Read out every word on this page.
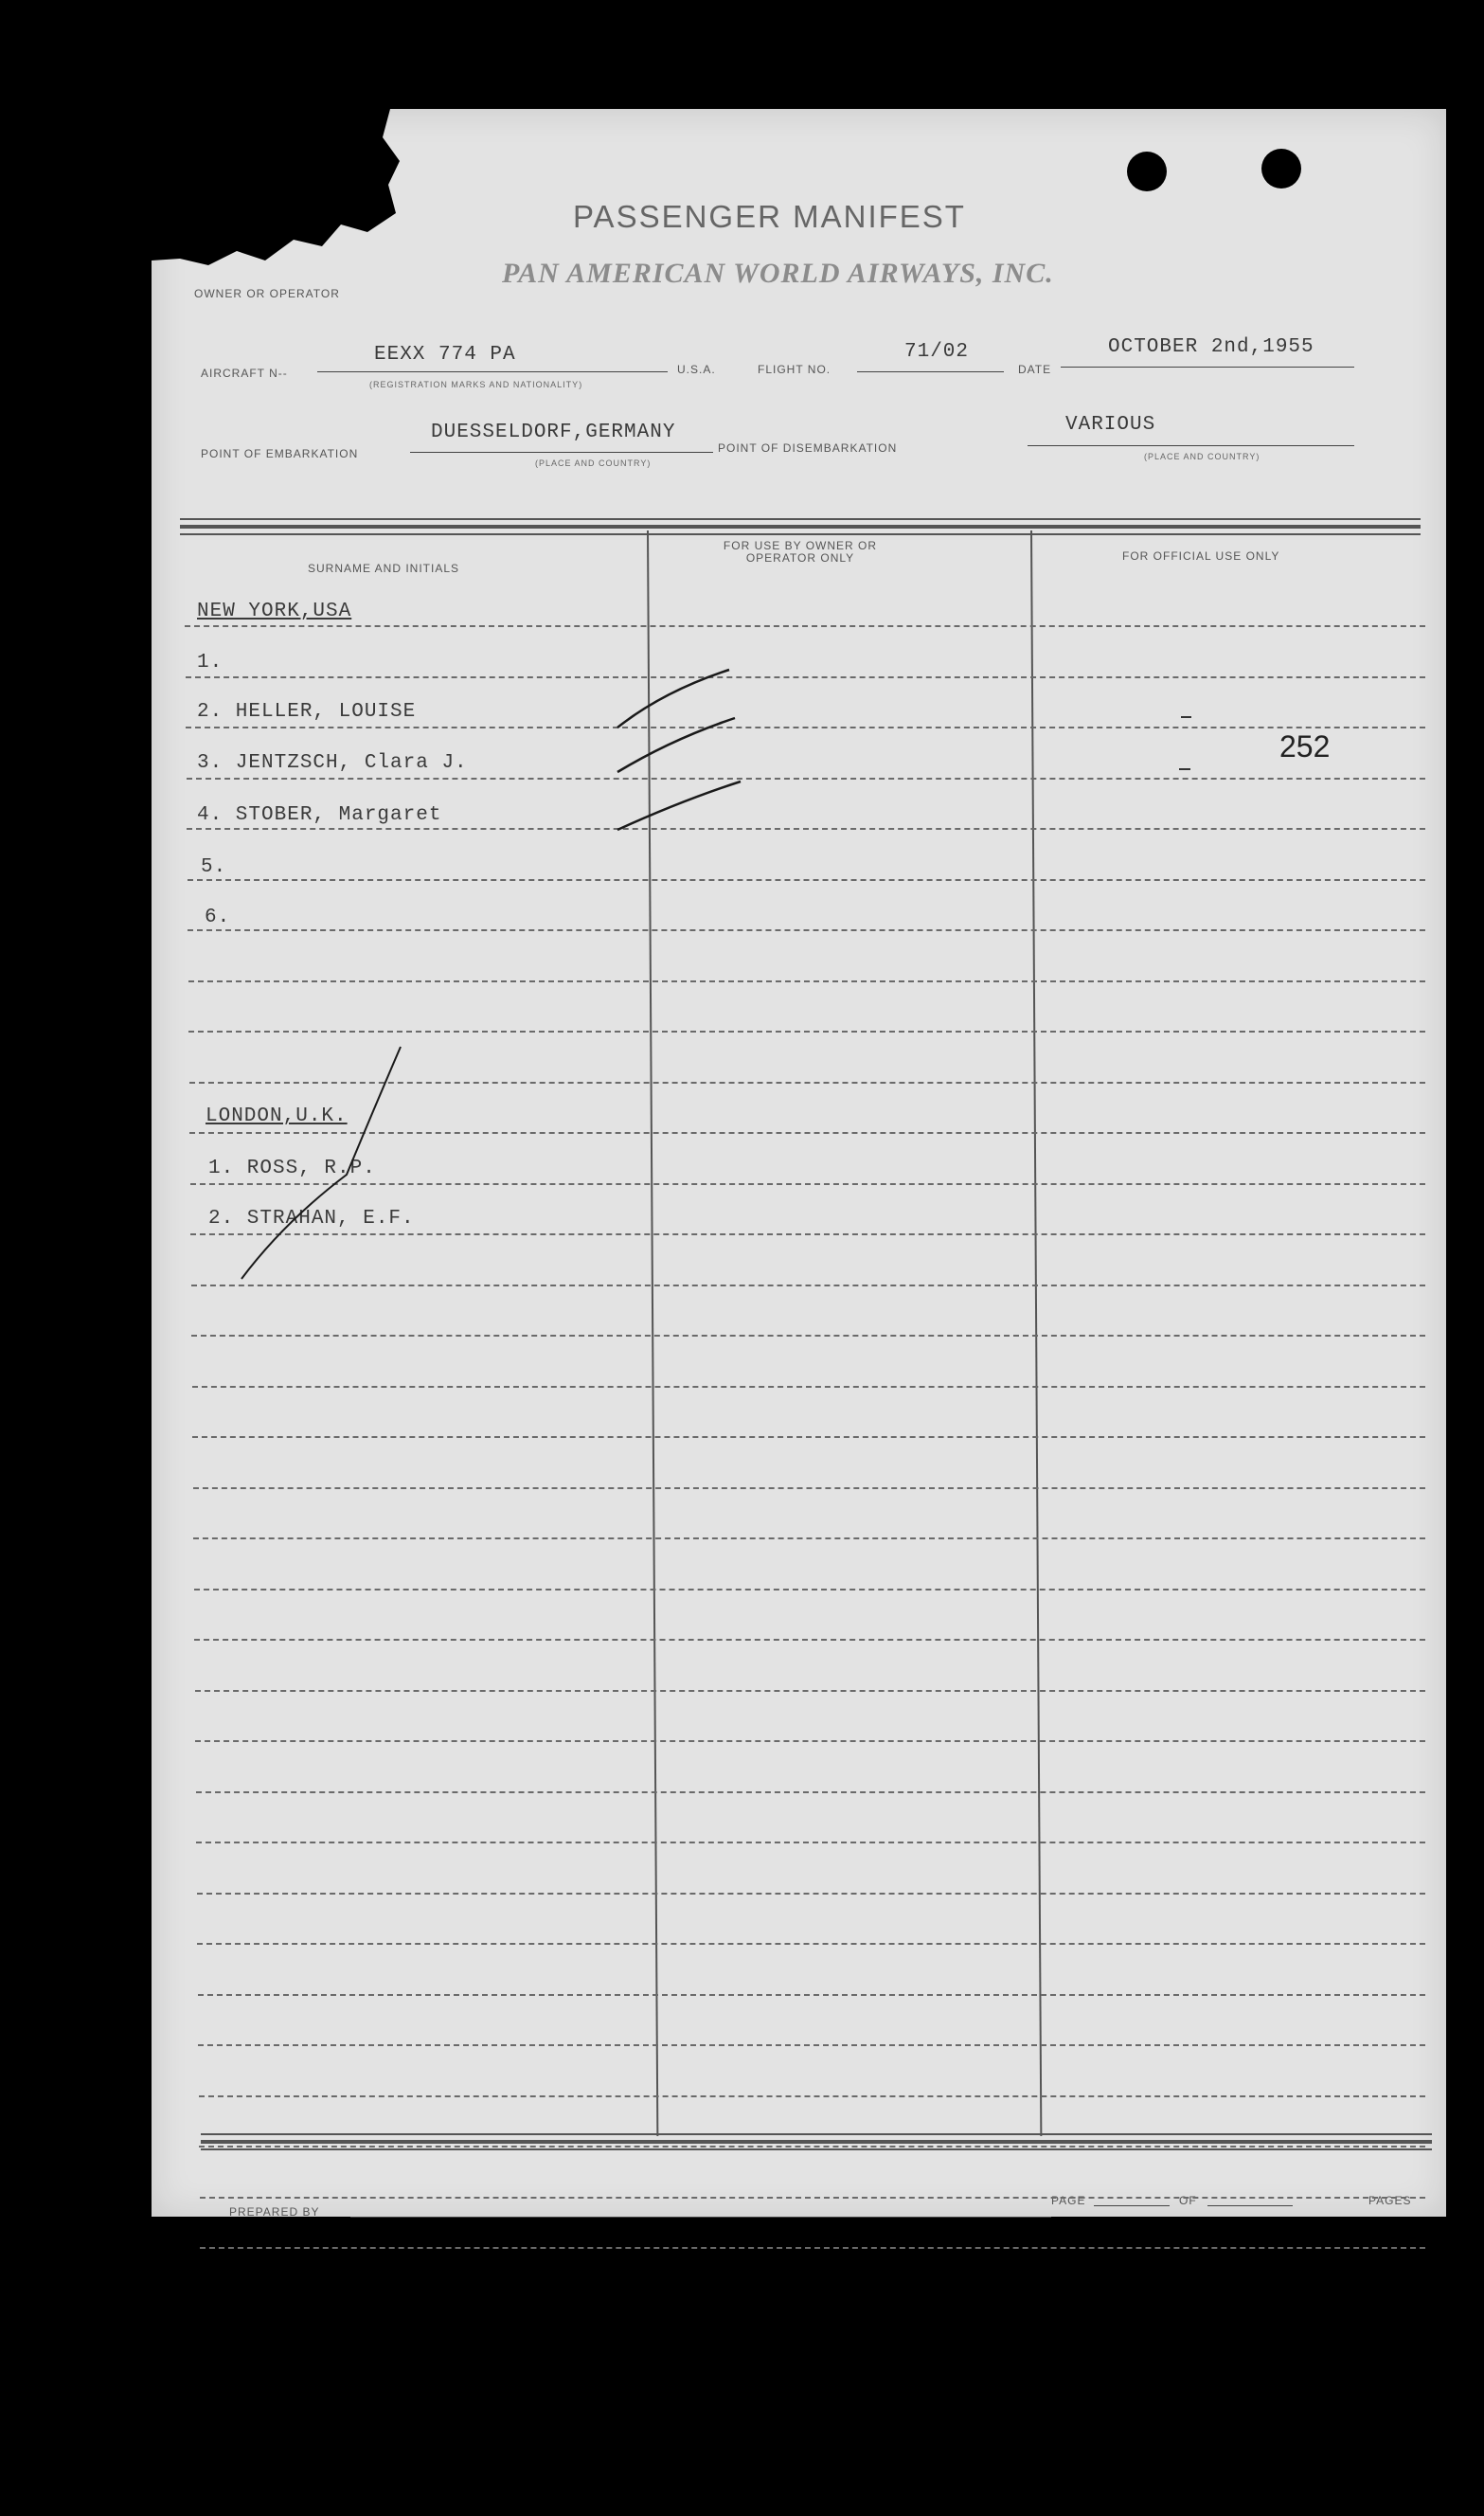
PASSENGER MANIFEST
PAN AMERICAN WORLD AIRWAYS, INC.
OWNER OR OPERATOR
AIRCRAFT N--
EEXX 774 PA
(REGISTRATION MARKS AND NATIONALITY)
U.S.A.	FLIGHT NO.
71/02
DATE
OCTOBER 2nd,1955
POINT OF EMBARKATION
DUESSELDORF,GERMANY
(PLACE AND COUNTRY)
POINT OF DISEMBARKATION
VARIOUS
(PLACE AND COUNTRY)
SURNAME AND INITIALS
FOR USE BY OWNER OR OPERATOR ONLY	FOR OFFICIAL USE ONLY
PREPARED BY
PAGE	OF	PAGES
NEW YORK,USA
1.
2. HELLER, LOUISE
3. JENTZSCH, Clara J.
4. STOBER, Margaret
5.
6.
LONDON,U.K.
1. ROSS, R.P.
2. STRAHAN, E.F.
252
